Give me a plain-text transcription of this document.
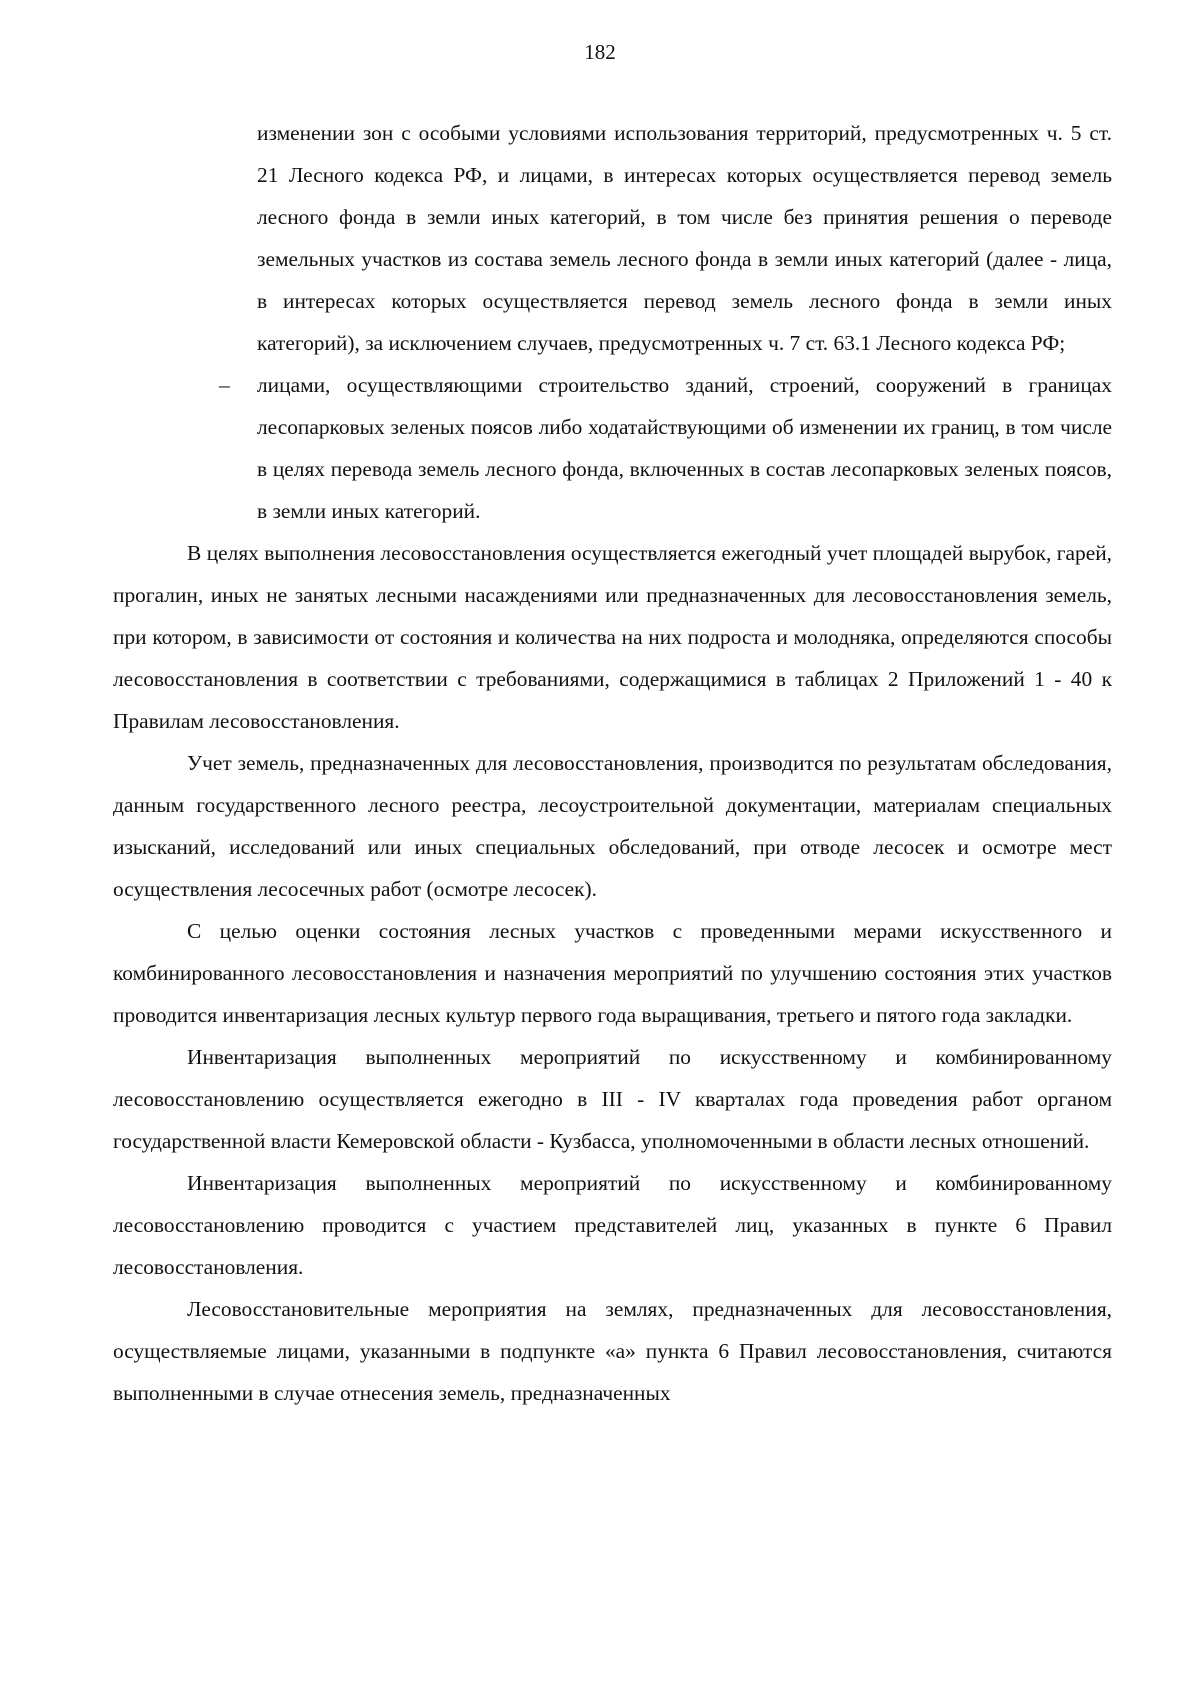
182

изменении зон с особыми условиями использования территорий, предусмотренных ч. 5 ст. 21 Лесного кодекса РФ, и лицами, в интересах которых осуществляется перевод земель лесного фонда в земли иных категорий, в том числе без принятия решения о переводе земельных участков из состава земель лесного фонда в земли иных категорий (далее - лица, в интересах которых осуществляется перевод земель лесного фонда в земли иных категорий), за исключением случаев, предусмотренных ч. 7 ст. 63.1 Лесного кодекса РФ;

– лицами, осуществляющими строительство зданий, строений, сооружений в границах лесопарковых зеленых поясов либо ходатайствующими об изменении их границ, в том числе в целях перевода земель лесного фонда, включенных в состав лесопарковых зеленых поясов, в земли иных категорий.

В целях выполнения лесовосстановления осуществляется ежегодный учет площадей вырубок, гарей, прогалин, иных не занятых лесными насаждениями или предназначенных для лесовосстановления земель, при котором, в зависимости от состояния и количества на них подроста и молодняка, определяются способы лесовосстановления в соответствии с требованиями, содержащимися в таблицах 2 Приложений 1 - 40 к Правилам лесовосстановления.

Учет земель, предназначенных для лесовосстановления, производится по результатам обследования, данным государственного лесного реестра, лесоустроительной документации, материалам специальных изысканий, исследований или иных специальных обследований, при отводе лесосек и осмотре мест осуществления лесосечных работ (осмотре лесосек).

С целью оценки состояния лесных участков с проведенными мерами искусственного и комбинированного лесовосстановления и назначения мероприятий по улучшению состояния этих участков проводится инвентаризация лесных культур первого года выращивания, третьего и пятого года закладки.

Инвентаризация выполненных мероприятий по искусственному и комбинированному лесовосстановлению осуществляется ежегодно в III - IV кварталах года проведения работ органом государственной власти Кемеровской области - Кузбасса, уполномоченными в области лесных отношений.

Инвентаризация выполненных мероприятий по искусственному и комбинированному лесовосстановлению проводится с участием представителей лиц, указанных в пункте 6 Правил лесовосстановления.

Лесовосстановительные мероприятия на землях, предназначенных для лесовосстановления, осуществляемые лицами, указанными в подпункте «а» пункта 6 Правил лесовосстановления, считаются выполненными в случае отнесения земель, предназначенных
